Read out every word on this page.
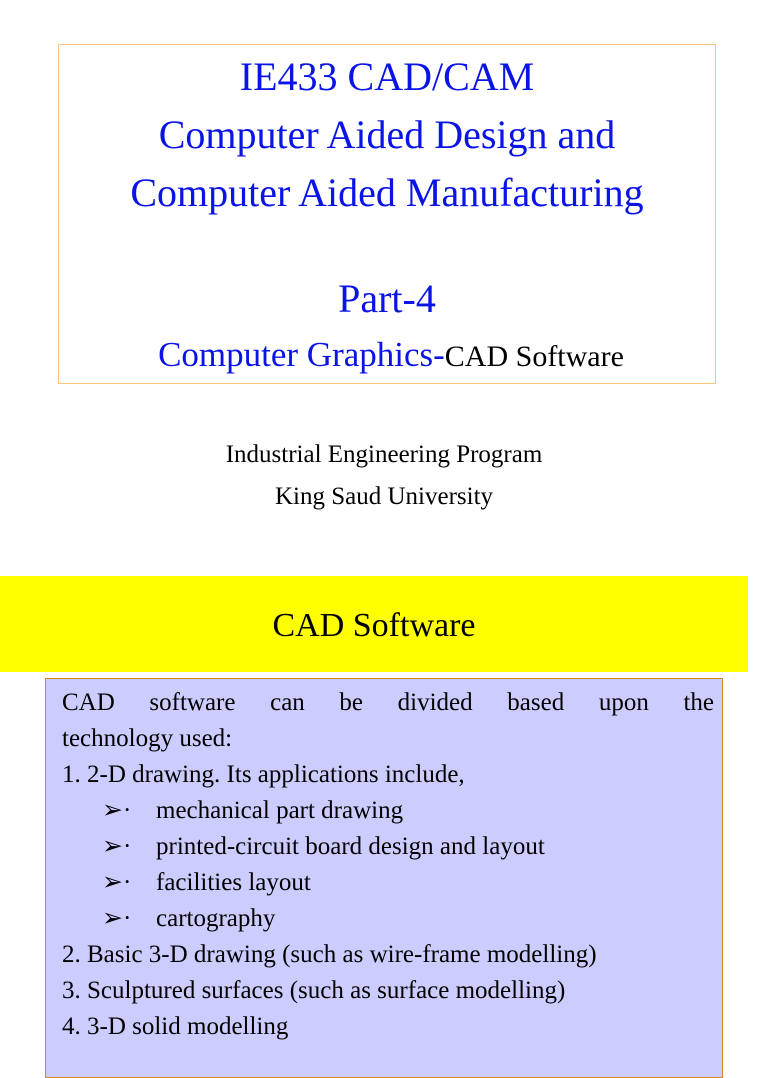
IE433 CAD/CAM
Computer Aided Design and
Computer Aided Manufacturing
Part-4
Computer Graphics-CAD Software
Industrial Engineering Program
King Saud University
CAD Software
CAD software can be divided based upon the
technology used:
1. 2-D drawing. Its applications include,
➢· mechanical part drawing
➢· printed-circuit board design and layout
➢· facilities layout
➢· cartography
2. Basic 3-D drawing (such as wire-frame modelling)
3. Sculptured surfaces (such as surface modelling)
4. 3-D solid modelling
